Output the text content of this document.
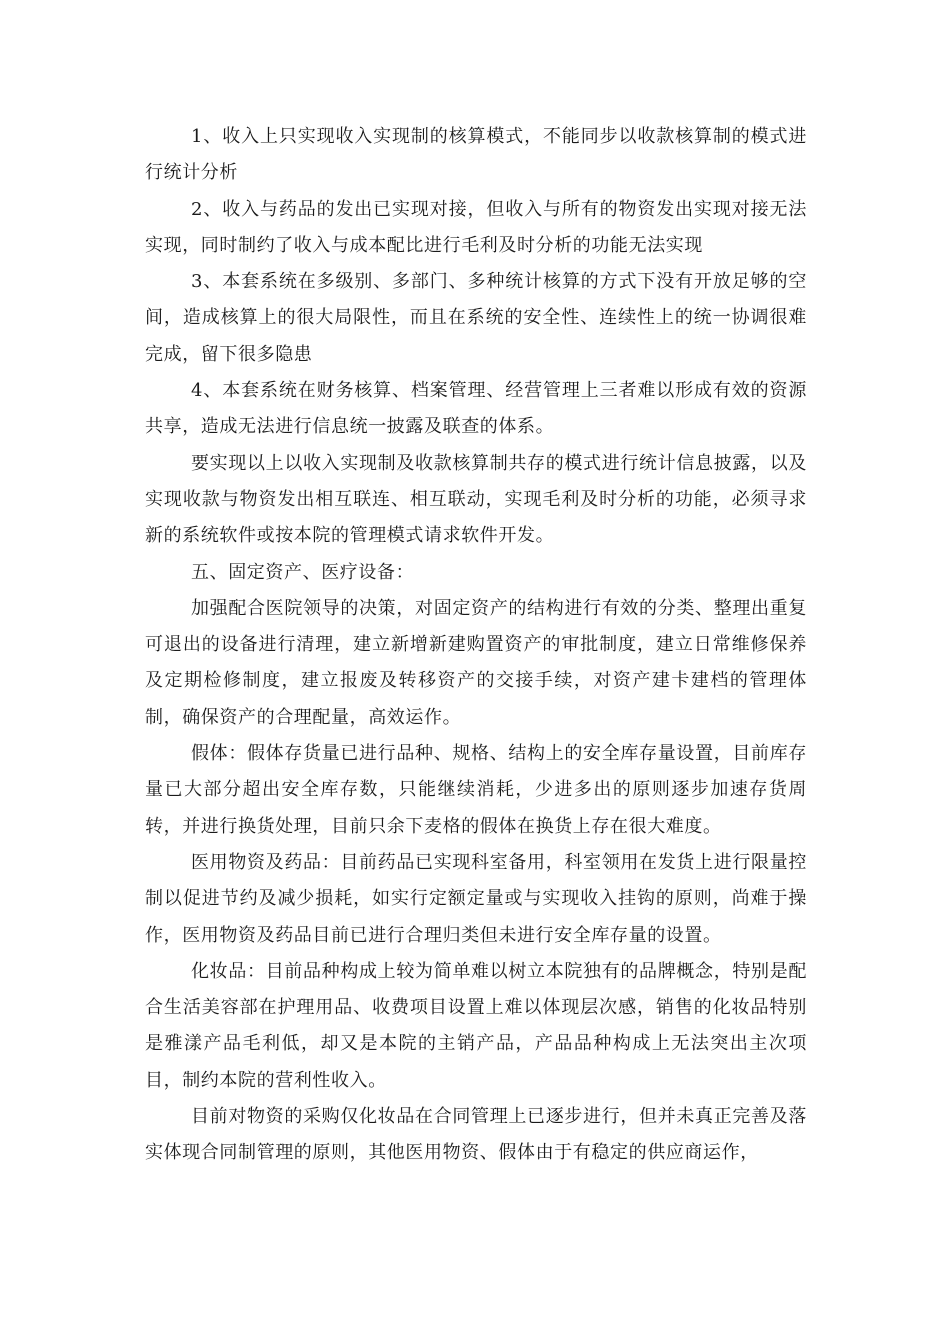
1、收入上只实现收入实现制的核算模式，不能同步以收款核算制的模式进行统计分析

2、收入与药品的发出已实现对接，但收入与所有的物资发出实现对接无法实现，同时制约了收入与成本配比进行毛利及时分析的功能无法实现

3、本套系统在多级别、多部门、多种统计核算的方式下没有开放足够的空间，造成核算上的很大局限性，而且在系统的安全性、连续性上的统一协调很难完成，留下很多隐患

4、本套系统在财务核算、档案管理、经营管理上三者难以形成有效的资源共享，造成无法进行信息统一披露及联查的体系。

要实现以上以收入实现制及收款核算制共存的模式进行统计信息披露，以及实现收款与物资发出相互联连、相互联动，实现毛利及时分析的功能，必须寻求新的系统软件或按本院的管理模式请求软件开发。

五、固定资产、医疗设备：

加强配合医院领导的决策，对固定资产的结构进行有效的分类、整理出重复可退出的设备进行清理，建立新增新建购置资产的审批制度，建立日常维修保养及定期检修制度，建立报废及转移资产的交接手续，对资产建卡建档的管理体制，确保资产的合理配量，高效运作。

假体：假体存货量已进行品种、规格、结构上的安全库存量设置，目前库存量已大部分超出安全库存数，只能继续消耗，少进多出的原则逐步加速存货周转，并进行换货处理，目前只余下麦格的假体在换货上存在很大难度。

医用物资及药品：目前药品已实现科室备用，科室领用在发货上进行限量控制以促进节约及减少损耗，如实行定额定量或与实现收入挂钩的原则，尚难于操作，医用物资及药品目前已进行合理归类但未进行安全库存量的设置。

化妆品：目前品种构成上较为简单难以树立本院独有的品牌概念，特别是配合生活美容部在护理用品、收费项目设置上难以体现层次感，销售的化妆品特别是雅漾产品毛利低，却又是本院的主销产品，产品品种构成上无法突出主次项目，制约本院的营利性收入。

目前对物资的采购仅化妆品在合同管理上已逐步进行，但并未真正完善及落实体现合同制管理的原则，其他医用物资、假体由于有稳定的供应商运作，
